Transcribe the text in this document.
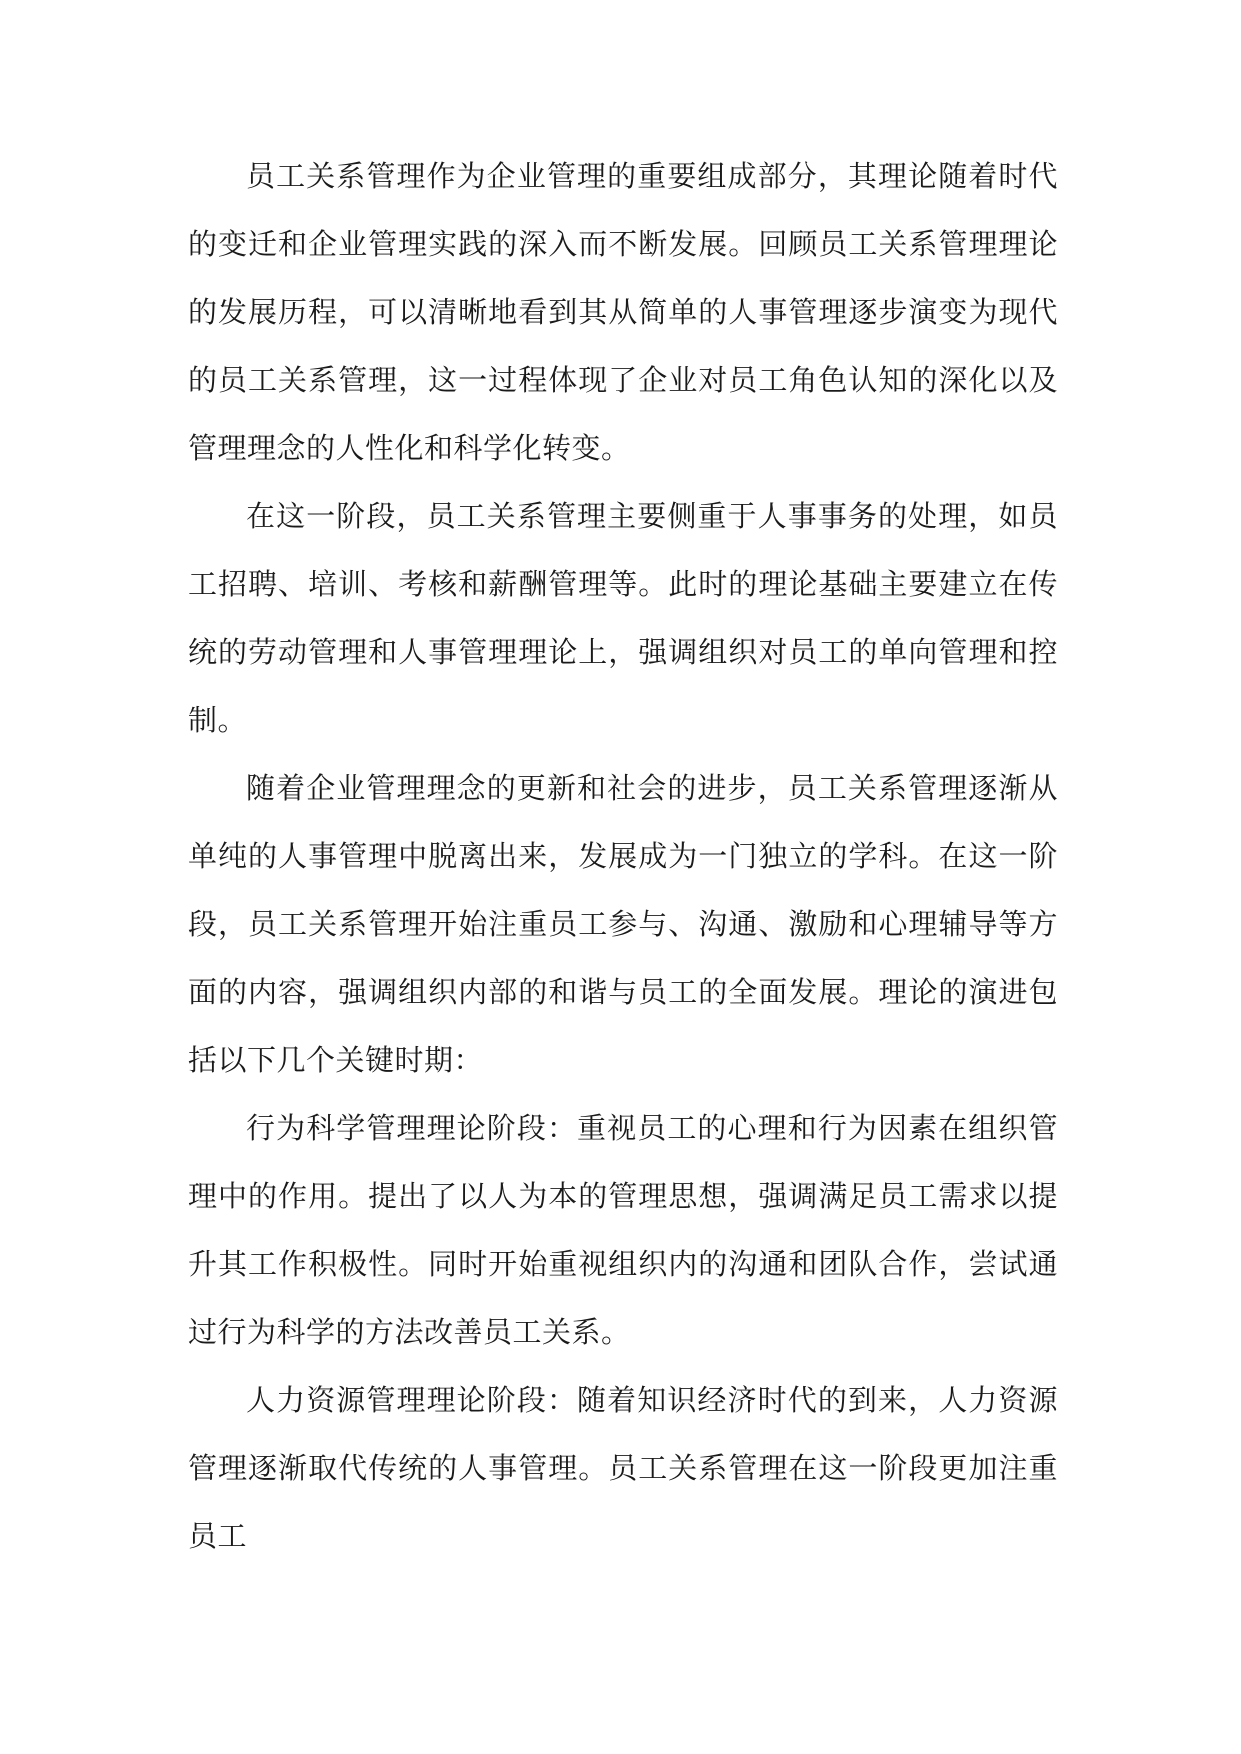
员工关系管理作为企业管理的重要组成部分，其理论随着时代的变迁和企业管理实践的深入而不断发展。回顾员工关系管理理论的发展历程，可以清晰地看到其从简单的人事管理逐步演变为现代的员工关系管理，这一过程体现了企业对员工角色认知的深化以及管理理念的人性化和科学化转变。

在这一阶段，员工关系管理主要侧重于人事事务的处理，如员工招聘、培训、考核和薪酬管理等。此时的理论基础主要建立在传统的劳动管理和人事管理理论上，强调组织对员工的单向管理和控制。

随着企业管理理念的更新和社会的进步，员工关系管理逐渐从单纯的人事管理中脱离出来，发展成为一门独立的学科。在这一阶段，员工关系管理开始注重员工参与、沟通、激励和心理辅导等方面的内容，强调组织内部的和谐与员工的全面发展。理论的演进包括以下几个关键时期：

行为科学管理理论阶段：重视员工的心理和行为因素在组织管理中的作用。提出了以人为本的管理思想，强调满足员工需求以提升其工作积极性。同时开始重视组织内的沟通和团队合作，尝试通过行为科学的方法改善员工关系。

人力资源管理理论阶段：随着知识经济时代的到来，人力资源管理逐渐取代传统的人事管理。员工关系管理在这一阶段更加注重员工
